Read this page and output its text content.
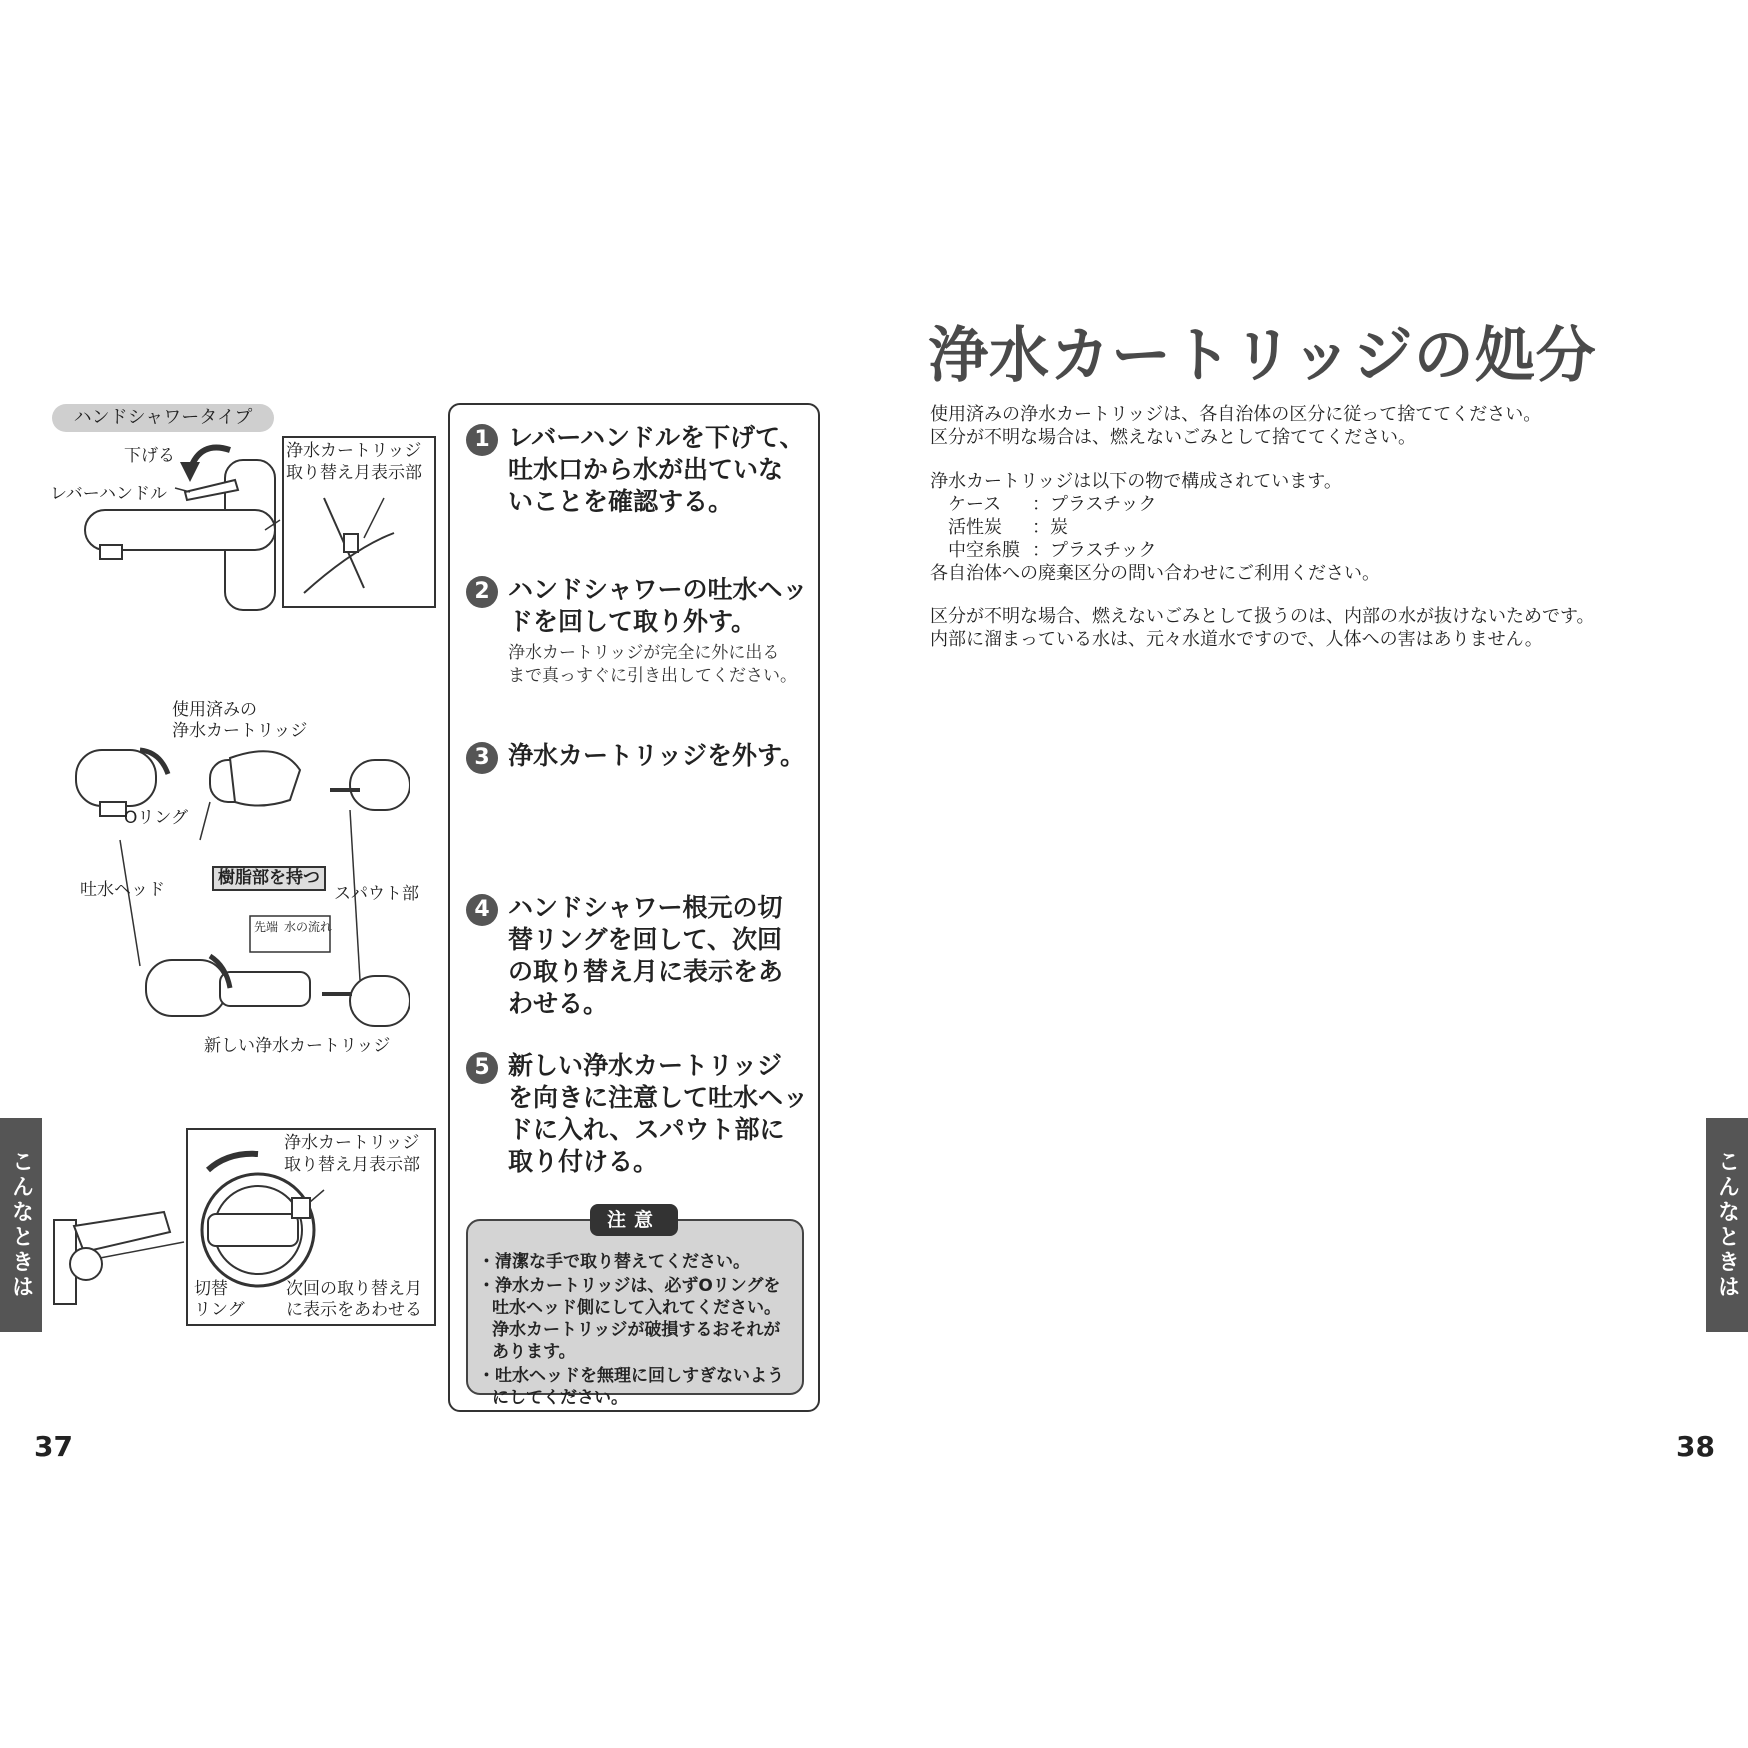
ハンドシャワータイプ
下げる
レバーハンドル
浄水カートリッジ
取り替え月表示部
使用済みの
浄水カートリッジ
Oリング
吐水ヘッド
樹脂部を持つ
スパウト部
先端 水の流れ
新しい浄水カートリッジ
浄水カートリッジ
取り替え月表示部
切替
リング
次回の取り替え月
に表示をあわせる
1 レバーハンドルを下げて、
吐水口から水が出ていな
いことを確認する。
2 ハンドシャワーの吐水ヘッ
ドを回して取り外す。
浄水カートリッジが完全に外に出る
まで真っすぐに引き出してください。
3 浄水カートリッジを外す。
4 ハンドシャワー根元の切
替リングを回して、次回
の取り替え月に表示をあ
わせる。
5 新しい浄水カートリッジ
を向きに注意して吐水ヘッ
ドに入れ、スパウト部に
取り付ける。
・ 清潔な手で取り替えてください。
・ 浄水カートリッジは、必ずOリングを吐水ヘッド側にして入れてください。浄水カートリッジが破損するおそれがあります。
・ 吐水ヘッドを無理に回しすぎないようにしてください。
注意
こんなときは
37
浄水カートリッジの処分

使用済みの浄水カートリッジは、各自治体の区分に従って捨ててください。

区分が不明な場合は、燃えないごみとして捨ててください。

浄水カートリッジは以下の物で構成されています。

ケース ：プラスチック

活性炭 ：炭

中空糸膜 ：プラスチック

各自治体への廃棄区分の問い合わせにご利用ください。

区分が不明な場合、燃えないごみとして扱うのは、内部の水が抜けないためです。

内部に溜まっている水は、元々水道水ですので、人体への害はありません。

こんなときは
38
